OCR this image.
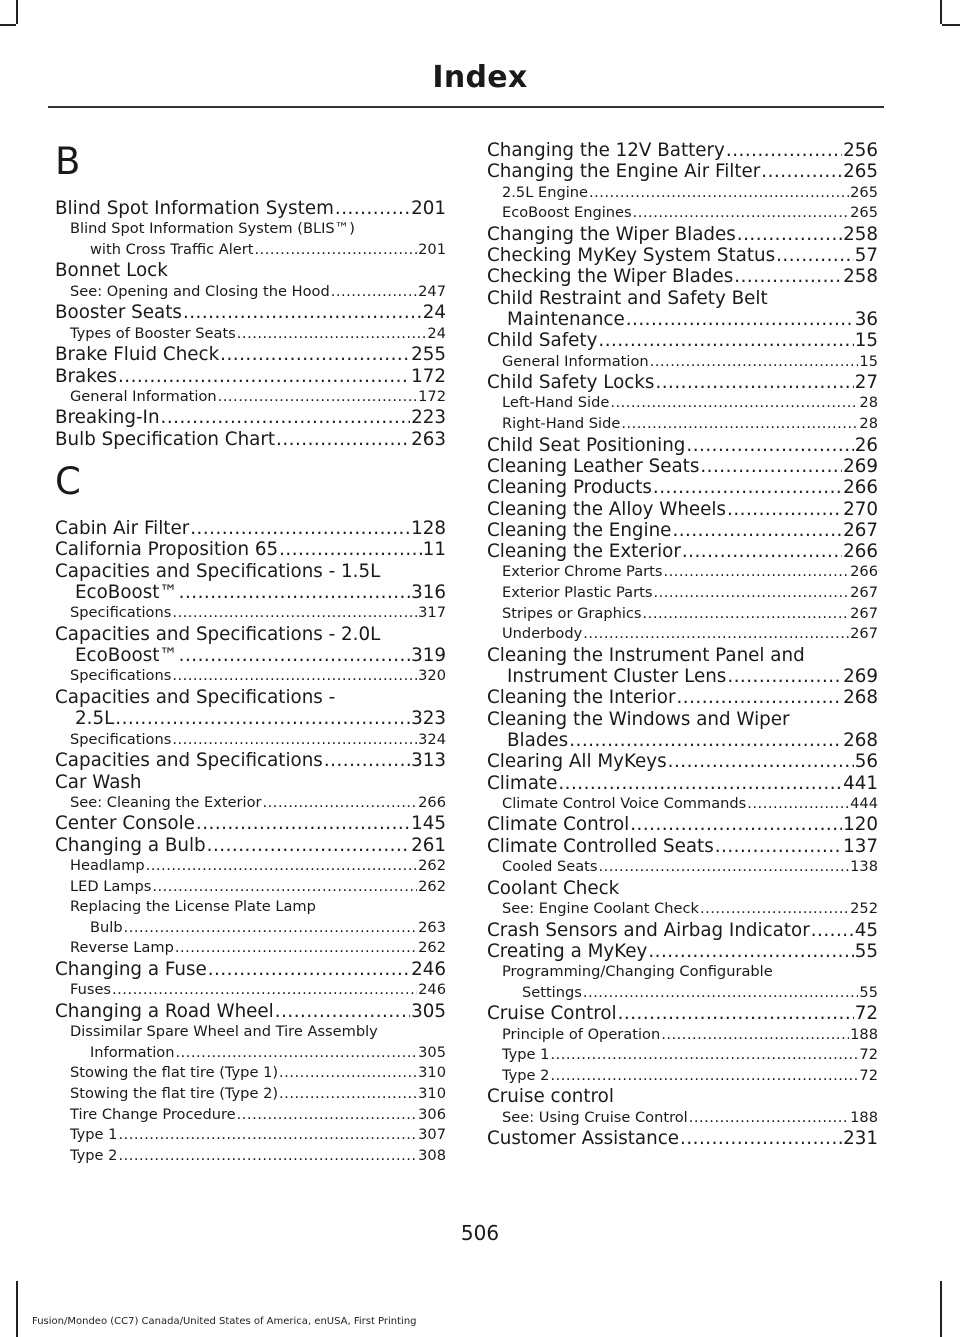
Index
B
Blind Spot Information System .....	201
Blind Spot Information System (BLIS™)
with Cross Traffic Alert .....	201
Bonnet Lock
See: Opening and Closing the Hood .....	247
Booster Seats .....	24
Types of Booster Seats .....	24
Brake Fluid Check .....	255
Brakes .....	172
General Information .....	172
Breaking-In .....	223
Bulb Specification Chart .....	263
C
Cabin Air Filter .....	128
California Proposition 65 .....	11
Capacities and Specifications - 1.5L
EcoBoost™ .....	316
Specifications .....	317
Capacities and Specifications - 2.0L
EcoBoost™ .....	319
Specifications .....	320
Capacities and Specifications -
2.5L .....	323
Specifications .....	324
Capacities and Specifications .....	313
Car Wash
See: Cleaning the Exterior .....	266
Center Console .....	145
Changing a Bulb .....	261
Headlamp .....	262
LED Lamps .....	262
Replacing the License Plate Lamp
Bulb .....	263
Reverse Lamp .....	262
Changing a Fuse .....	246
Fuses .....	246
Changing a Road Wheel .....	305
Dissimilar Spare Wheel and Tire Assembly
Information .....	305
Stowing the flat tire (Type 1) .....	310
Stowing the flat tire (Type 2) .....	310
Tire Change Procedure .....	306
Type 1 .....	307
Type 2 .....	308
Changing the 12V Battery .....	256
Changing the Engine Air Filter .....	265
2.5L Engine .....	265
EcoBoost Engines .....	265
Changing the Wiper Blades .....	258
Checking MyKey System Status .....	57
Checking the Wiper Blades .....	258
Child Restraint and Safety Belt
Maintenance .....	36
Child Safety .....	15
General Information .....	15
Child Safety Locks .....	27
Left-Hand Side .....	28
Right-Hand Side .....	28
Child Seat Positioning .....	26
Cleaning Leather Seats .....	269
Cleaning Products .....	266
Cleaning the Alloy Wheels .....	270
Cleaning the Engine .....	267
Cleaning the Exterior .....	266
Exterior Chrome Parts .....	266
Exterior Plastic Parts .....	267
Stripes or Graphics .....	267
Underbody .....	267
Cleaning the Instrument Panel and
Instrument Cluster Lens .....	269
Cleaning the Interior .....	268
Cleaning the Windows and Wiper
Blades .....	268
Clearing All MyKeys .....	56
Climate .....	441
Climate Control Voice Commands .....	444
Climate Control .....	120
Climate Controlled Seats .....	137
Cooled Seats .....	138
Coolant Check
See: Engine Coolant Check .....	252
Crash Sensors and Airbag Indicator ..... 45
Creating a MyKey .....	55
Programming/Changing Configurable
Settings .....	55
Cruise Control .....	72
Principle of Operation .....	188
Type 1 .....	72
Type 2 .....	72
Cruise control
See: Using Cruise Control .....	188
Customer Assistance .....	231
506
Fusion/Mondeo (CC7) Canada/United States of America, enUSA, First Printing
